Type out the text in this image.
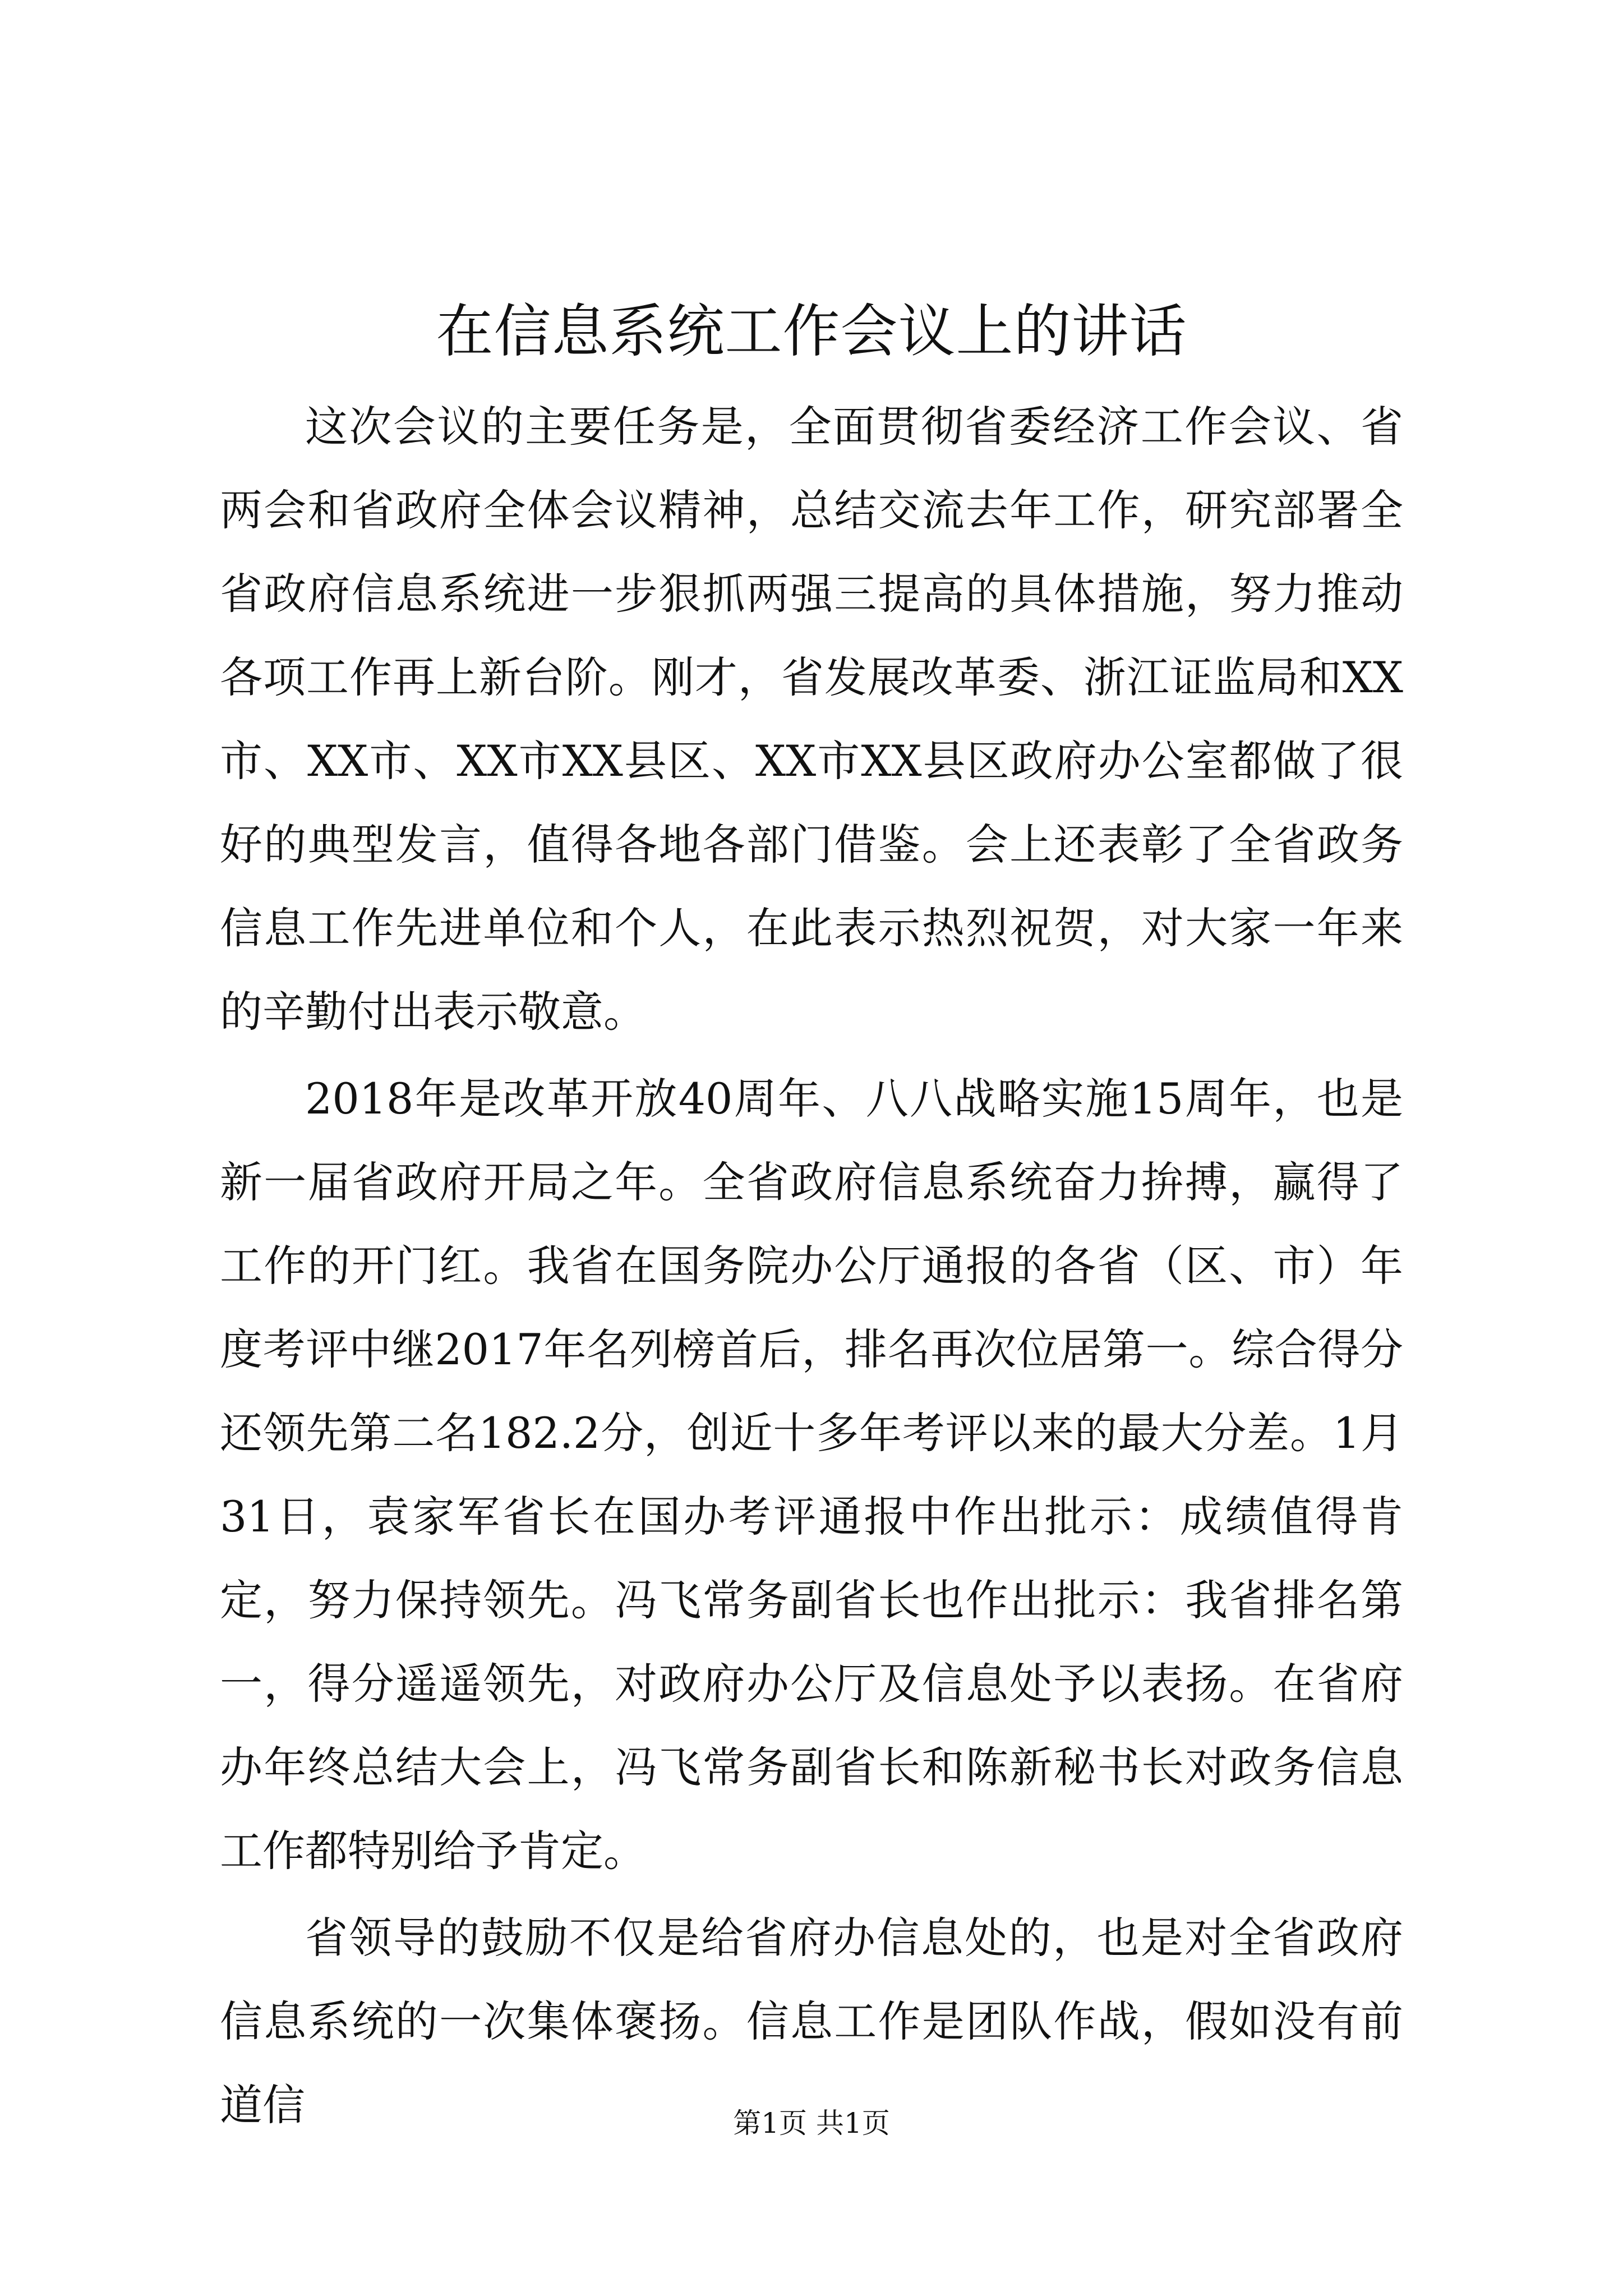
在信息系统工作会议上的讲话

这次会议的主要任务是，全面贯彻省委经济工作会议、省两会和省政府全体会议精神，总结交流去年工作，研究部署全省政府信息系统进一步狠抓两强三提高的具体措施，努力推动各项工作再上新台阶。刚才，省发展改革委、浙江证监局和XX市、XX市、XX市XX县区、XX市XX县区政府办公室都做了很好的典型发言，值得各地各部门借鉴。会上还表彰了全省政务信息工作先进单位和个人，在此表示热烈祝贺，对大家一年来的辛勤付出表示敬意。

2018年是改革开放40周年、八八战略实施15周年，也是新一届省政府开局之年。全省政府信息系统奋力拚搏，赢得了工作的开门红。我省在国务院办公厅通报的各省（区、市）年度考评中继2017年名列榜首后，排名再次位居第一。综合得分还领先第二名182.2分，创近十多年考评以来的最大分差。1月31日，袁家军省长在国办考评通报中作出批示：成绩值得肯定，努力保持领先。冯飞常务副省长也作出批示：我省排名第一，得分遥遥领先，对政府办公厅及信息处予以表扬。在省府办年终总结大会上，冯飞常务副省长和陈新秘书长对政务信息工作都特别给予肯定。

省领导的鼓励不仅是给省府办信息处的，也是对全省政府信息系统的一次集体褒扬。信息工作是团队作战，假如没有前道信	第1页 共1页
